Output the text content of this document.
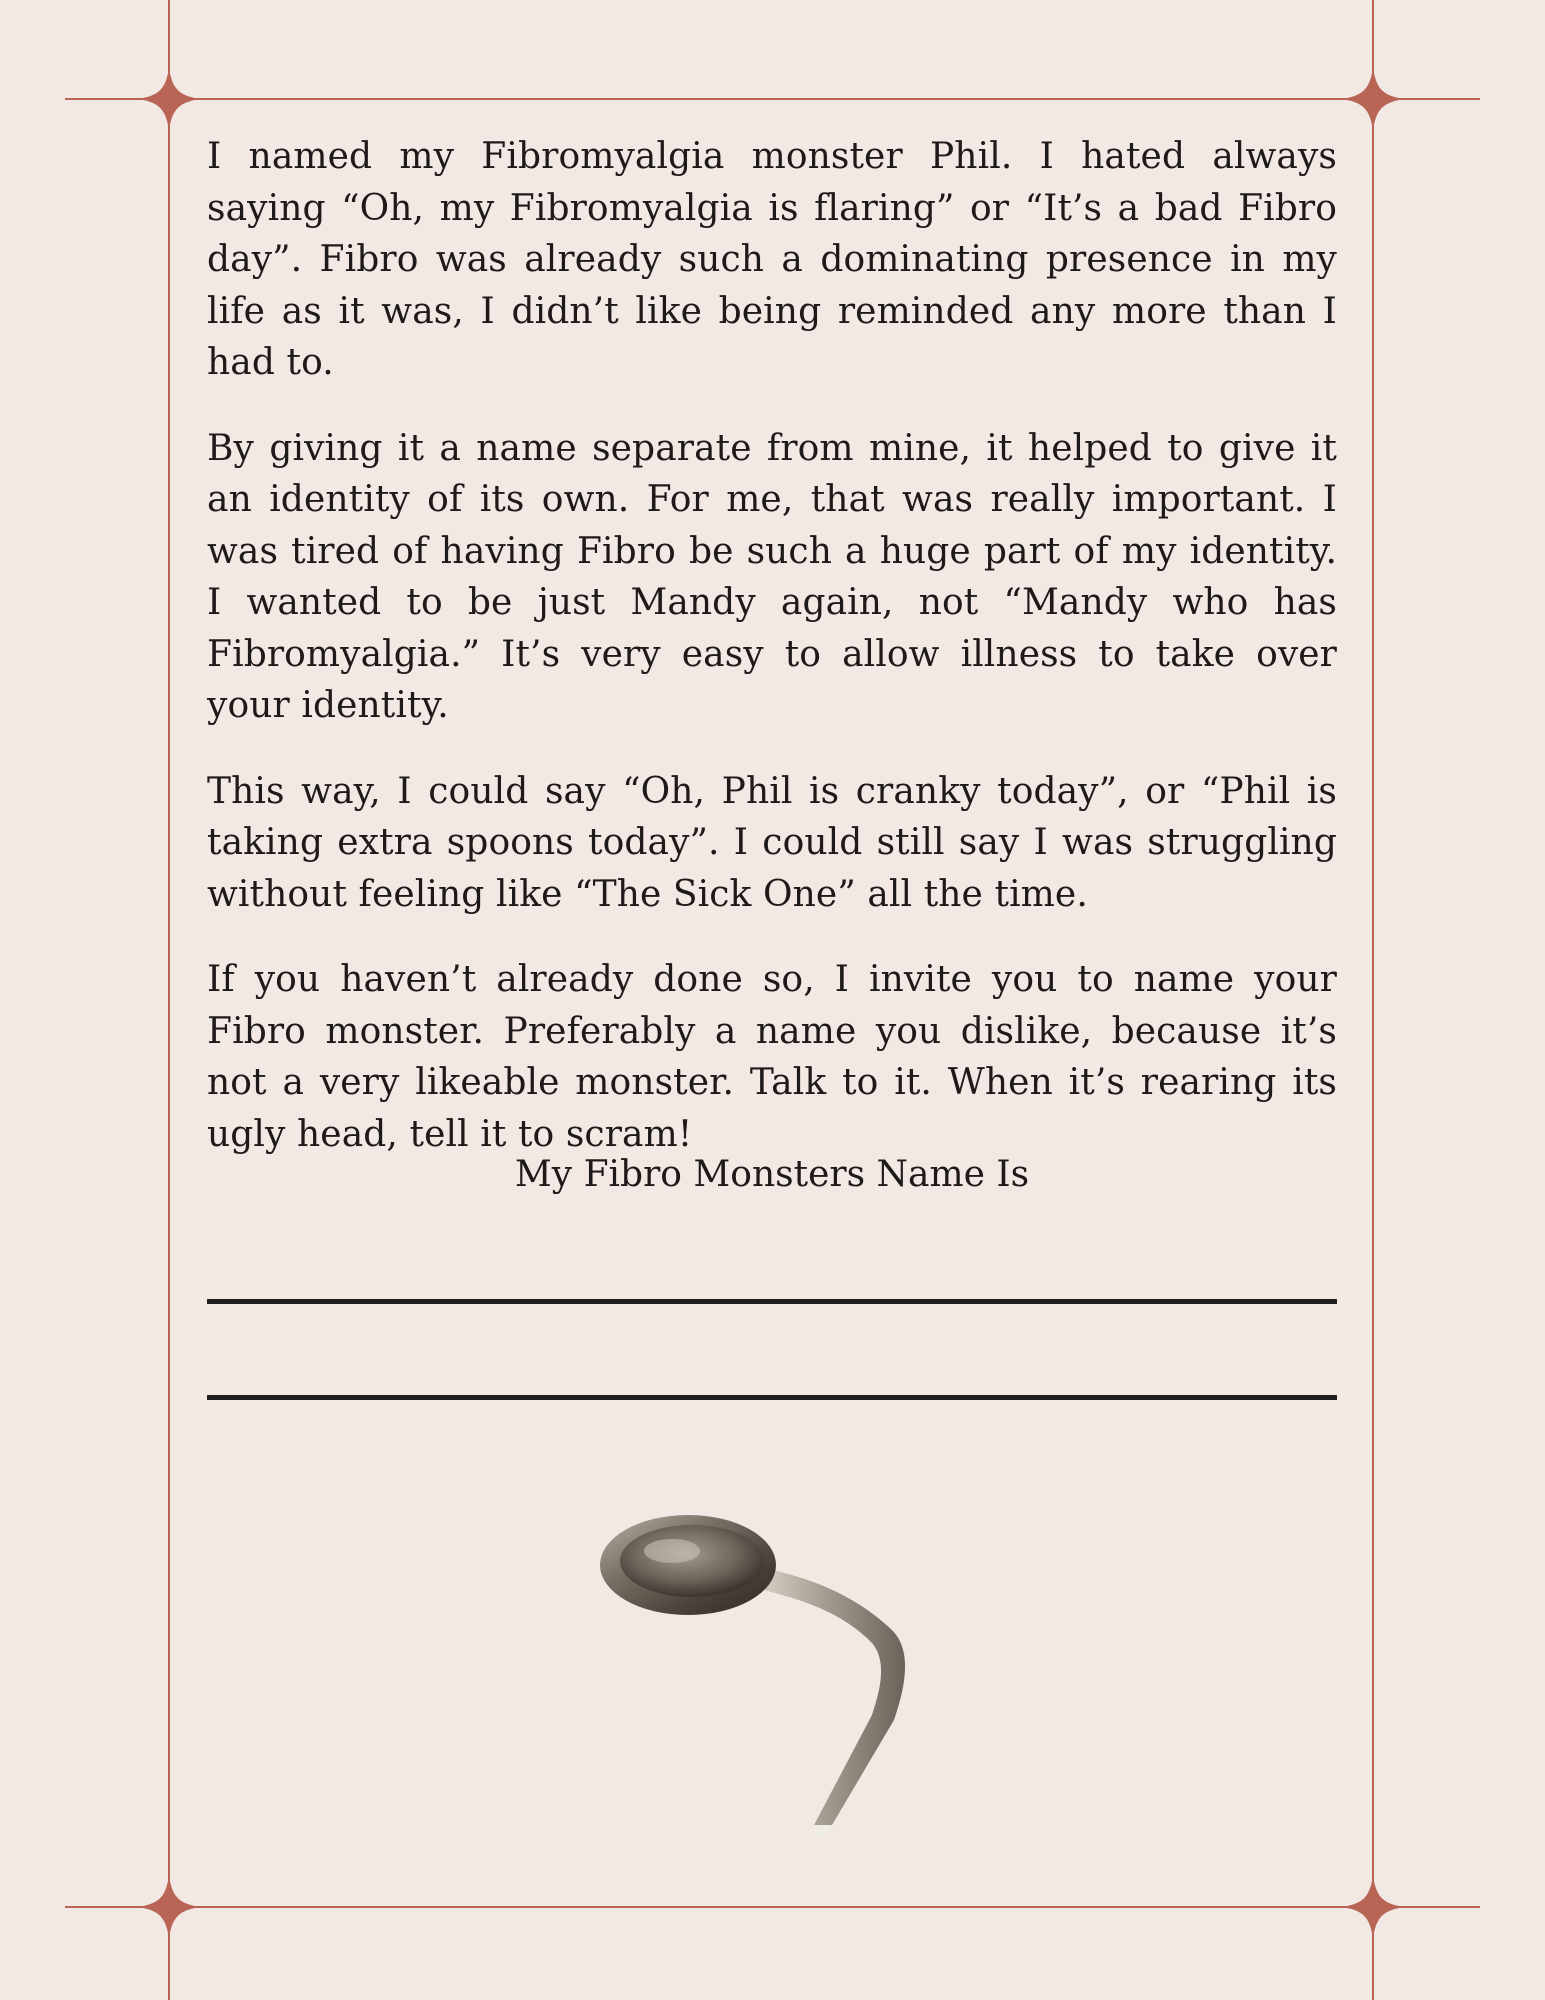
I named my Fibromyalgia monster Phil. I hated always saying “Oh, my Fibromyalgia is flaring” or “It’s a bad Fibro day”. Fibro was already such a dominating presence in my life as it was, I didn’t like being reminded any more than I had to.

By giving it a name separate from mine, it helped to give it an identity of its own. For me, that was really important. I was tired of having Fibro be such a huge part of my identity. I wanted to be just Mandy again, not “Mandy who has Fibromyalgia.” It’s very easy to allow illness to take over your identity.

This way, I could say “Oh, Phil is cranky today”, or “Phil is taking extra spoons today”. I could still say I was struggling without feeling like “The Sick One” all the time.

If you haven’t already done so, I invite you to name your Fibro monster. Preferably a name you dislike, because it’s not a very likeable monster. Talk to it. When it’s rearing its ugly head, tell it to scram!

My Fibro Monsters Name Is
